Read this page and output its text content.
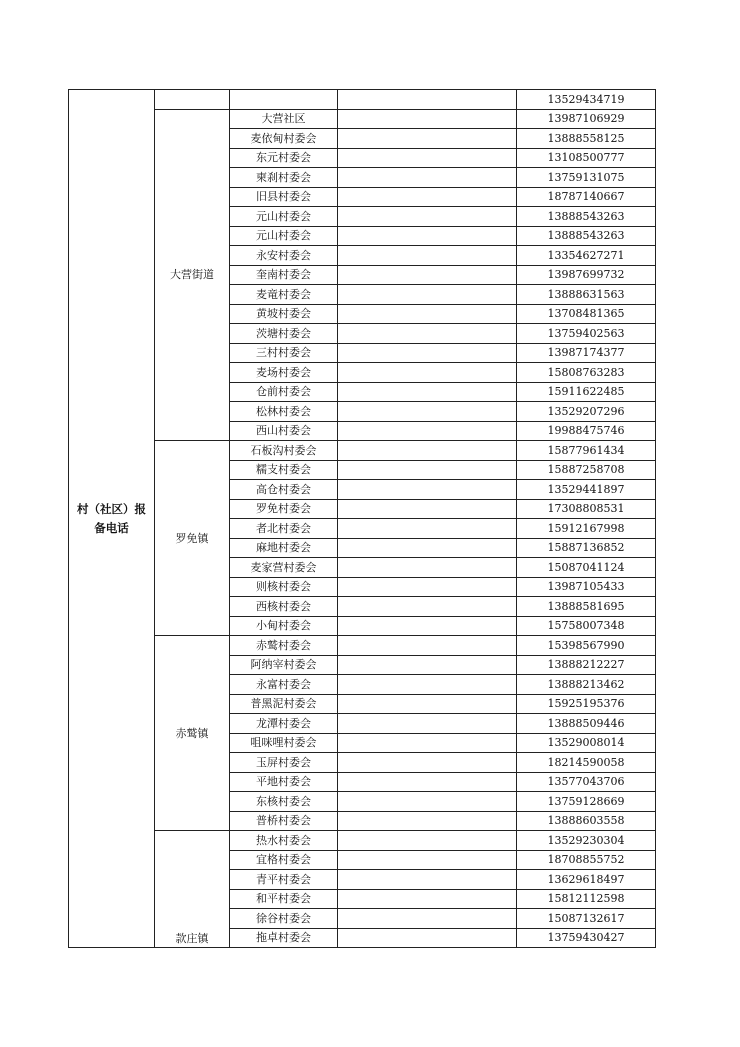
村（社区）报备电话				13529434719
	大营街道	大营社区		13987106929
		麦依甸村委会		13888558125
		东元村委会		13108500777
		柬刹村委会		13759131075
		旧县村委会		18787140667
		元山村委会		13888543263
		元山村委会		13888543263
		永安村委会		13354627271
		奎南村委会		13987699732
		麦竜村委会		13888631563
		黄坡村委会		13708481365
		茨塘村委会		13759402563
		三村村委会		13987174377
		麦场村委会		15808763283
		仓前村委会		15911622485
		松林村委会		13529207296
		西山村委会		19988475746
	罗免镇	石板沟村委会		15877961434
		糯支村委会		15887258708
		高仓村委会		13529441897
		罗免村委会		17308808531
		者北村委会		15912167998
		麻地村委会		15887136852
		麦家营村委会		15087041124
		则核村委会		13987105433
		西核村委会		13888581695
		小甸村委会		15758007348
	赤鹫镇	赤鹫村委会		15398567990
		阿纳宰村委会		13888212227
		永富村委会		13888213462
		普黑泥村委会		15925195376
		龙潭村委会		13888509446
		咀咪哩村委会		13529008014
		玉屏村委会		18214590058
		平地村委会		13577043706
		东核村委会		13759128669
		普桥村委会		13888603558
	款庄镇	热水村委会		13529230304
		宜格村委会		18708855752
		青平村委会		13629618497
		和平村委会		15812112598
		徐谷村委会		15087132617
		拖卓村委会		13759430427
